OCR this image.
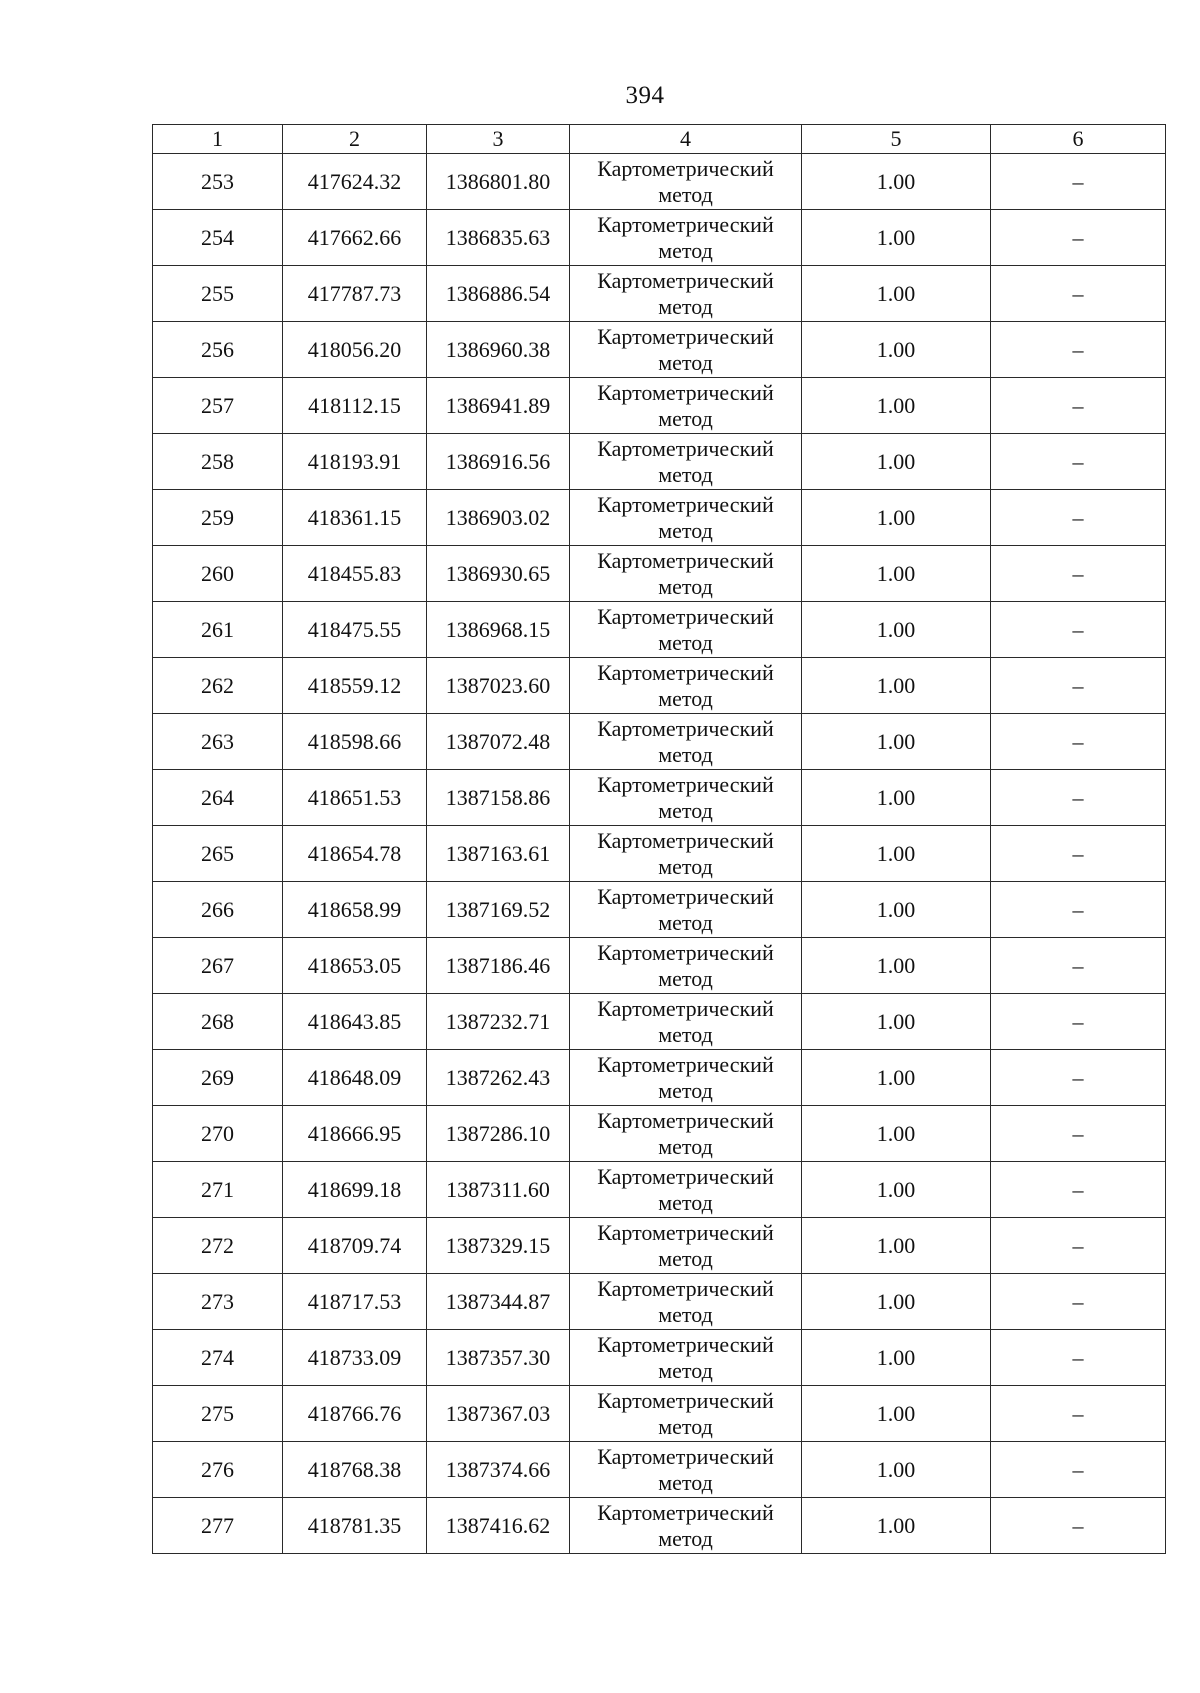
394
1	2	3	4	5	6
253	417624.32	1386801.80	Картометрический метод	1.00	–
254	417662.66	1386835.63	Картометрический метод	1.00	–
255	417787.73	1386886.54	Картометрический метод	1.00	–
256	418056.20	1386960.38	Картометрический метод	1.00	–
257	418112.15	1386941.89	Картометрический метод	1.00	–
258	418193.91	1386916.56	Картометрический метод	1.00	–
259	418361.15	1386903.02	Картометрический метод	1.00	–
260	418455.83	1386930.65	Картометрический метод	1.00	–
261	418475.55	1386968.15	Картометрический метод	1.00	–
262	418559.12	1387023.60	Картометрический метод	1.00	–
263	418598.66	1387072.48	Картометрический метод	1.00	–
264	418651.53	1387158.86	Картометрический метод	1.00	–
265	418654.78	1387163.61	Картометрический метод	1.00	–
266	418658.99	1387169.52	Картометрический метод	1.00	–
267	418653.05	1387186.46	Картометрический метод	1.00	–
268	418643.85	1387232.71	Картометрический метод	1.00	–
269	418648.09	1387262.43	Картометрический метод	1.00	–
270	418666.95	1387286.10	Картометрический метод	1.00	–
271	418699.18	1387311.60	Картометрический метод	1.00	–
272	418709.74	1387329.15	Картометрический метод	1.00	–
273	418717.53	1387344.87	Картометрический метод	1.00	–
274	418733.09	1387357.30	Картометрический метод	1.00	–
275	418766.76	1387367.03	Картометрический метод	1.00	–
276	418768.38	1387374.66	Картометрический метод	1.00	–
277	418781.35	1387416.62	Картометрический метод	1.00	–
